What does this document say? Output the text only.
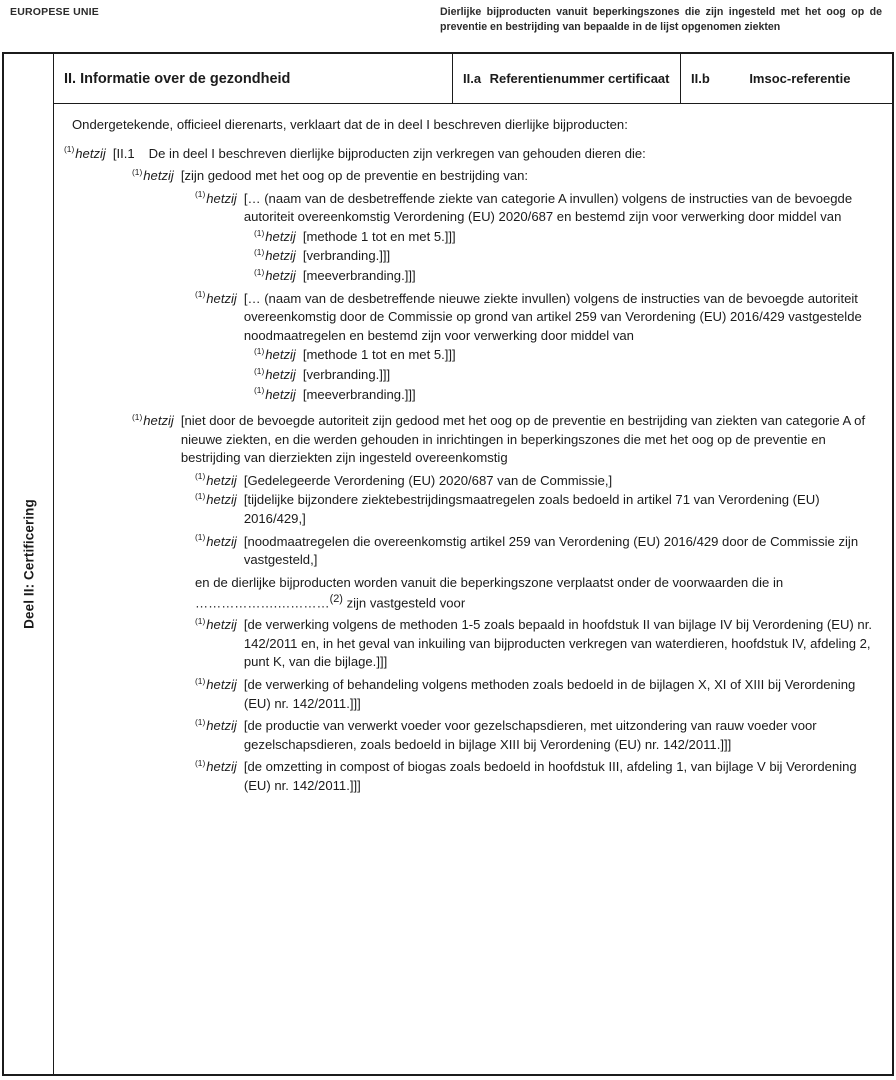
EUROPESE UNIE	Dierlijke bijproducten vanuit beperkingszones die zijn ingesteld met het oog op de preventie en bestrijding van bepaalde in de lijst opgenomen ziekten
Deel II: Certificering
II. Informatie over de gezondheid	II.a Referentienummer certificaat	II.b	Imsoc-referentie
Ondergetekende, officieel dierenarts, verklaart dat de in deel I beschreven dierlijke bijproducten:
$^{(1)}$hetzij [II.1 De in deel I beschreven dierlijke bijproducten zijn verkregen van gehouden dieren die:
$^{(1)}$hetzij [zijn gedood met het oog op de preventie en bestrijding van:
$^{(1)}$hetzij [… (naam van de desbetreffende ziekte van categorie A invullen) volgens de instructies van de bevoegde autoriteit overeenkomstig Verordening (EU) 2020/687 en bestemd zijn voor verwerking door middel van
$^{(1)}$hetzij [methode 1 tot en met 5.]]]
$^{(1)}$hetzij [verbranding.]]]
$^{(1)}$hetzij [meeverbranding.]]]
$^{(1)}$hetzij [… (naam van de desbetreffende nieuwe ziekte invullen) volgens de instructies van de bevoegde autoriteit overeenkomstig door de Commissie op grond van artikel 259 van Verordening (EU) 2016/429 vastgestelde noodmaatregelen en bestemd zijn voor verwerking door middel van
$^{(1)}$hetzij [methode 1 tot en met 5.]]]
$^{(1)}$hetzij [verbranding.]]]
$^{(1)}$hetzij [meeverbranding.]]]
$^{(1)}$hetzij [niet door de bevoegde autoriteit zijn gedood met het oog op de preventie en bestrijding van ziekten van categorie A of nieuwe ziekten, en die werden gehouden in inrichtingen in beperkingszones die met het oog op de preventie en bestrijding van dierziekten zijn ingesteld overeenkomstig
$^{(1)}$hetzij [Gedelegeerde Verordening (EU) 2020/687 van de Commissie,]
$^{(1)}$hetzij [tijdelijke bijzondere ziektebestrijdingsmaatregelen zoals bedoeld in artikel 71 van Verordening (EU) 2016/429,]
$^{(1)}$hetzij [noodmaatregelen die overeenkomstig artikel 259 van Verordening (EU) 2016/429 door de Commissie zijn vastgesteld,]
en de dierlijke bijproducten worden vanuit die beperkingszone verplaatst onder de voorwaarden die in ……………….…………$^{(2)}$ zijn vastgesteld voor
$^{(1)}$hetzij [de verwerking volgens de methoden 1-5 zoals bepaald in hoofdstuk II van bijlage IV bij Verordening (EU) nr. 142/2011 en, in het geval van inkuiling van bijproducten verkregen van waterdieren, hoofdstuk IV, afdeling 2, punt K, van die bijlage.]]]
$^{(1)}$hetzij [de verwerking of behandeling volgens methoden zoals bedoeld in de bijlagen X, XI of XIII bij Verordening (EU) nr. 142/2011.]]]
$^{(1)}$hetzij [de productie van verwerkt voeder voor gezelschapsdieren, met uitzondering van rauw voeder voor gezelschapsdieren, zoals bedoeld in bijlage XIII bij Verordening (EU) nr. 142/2011.]]]
$^{(1)}$hetzij [de omzetting in compost of biogas zoals bedoeld in hoofdstuk III, afdeling 1, van bijlage V bij Verordening (EU) nr. 142/2011.]]]
